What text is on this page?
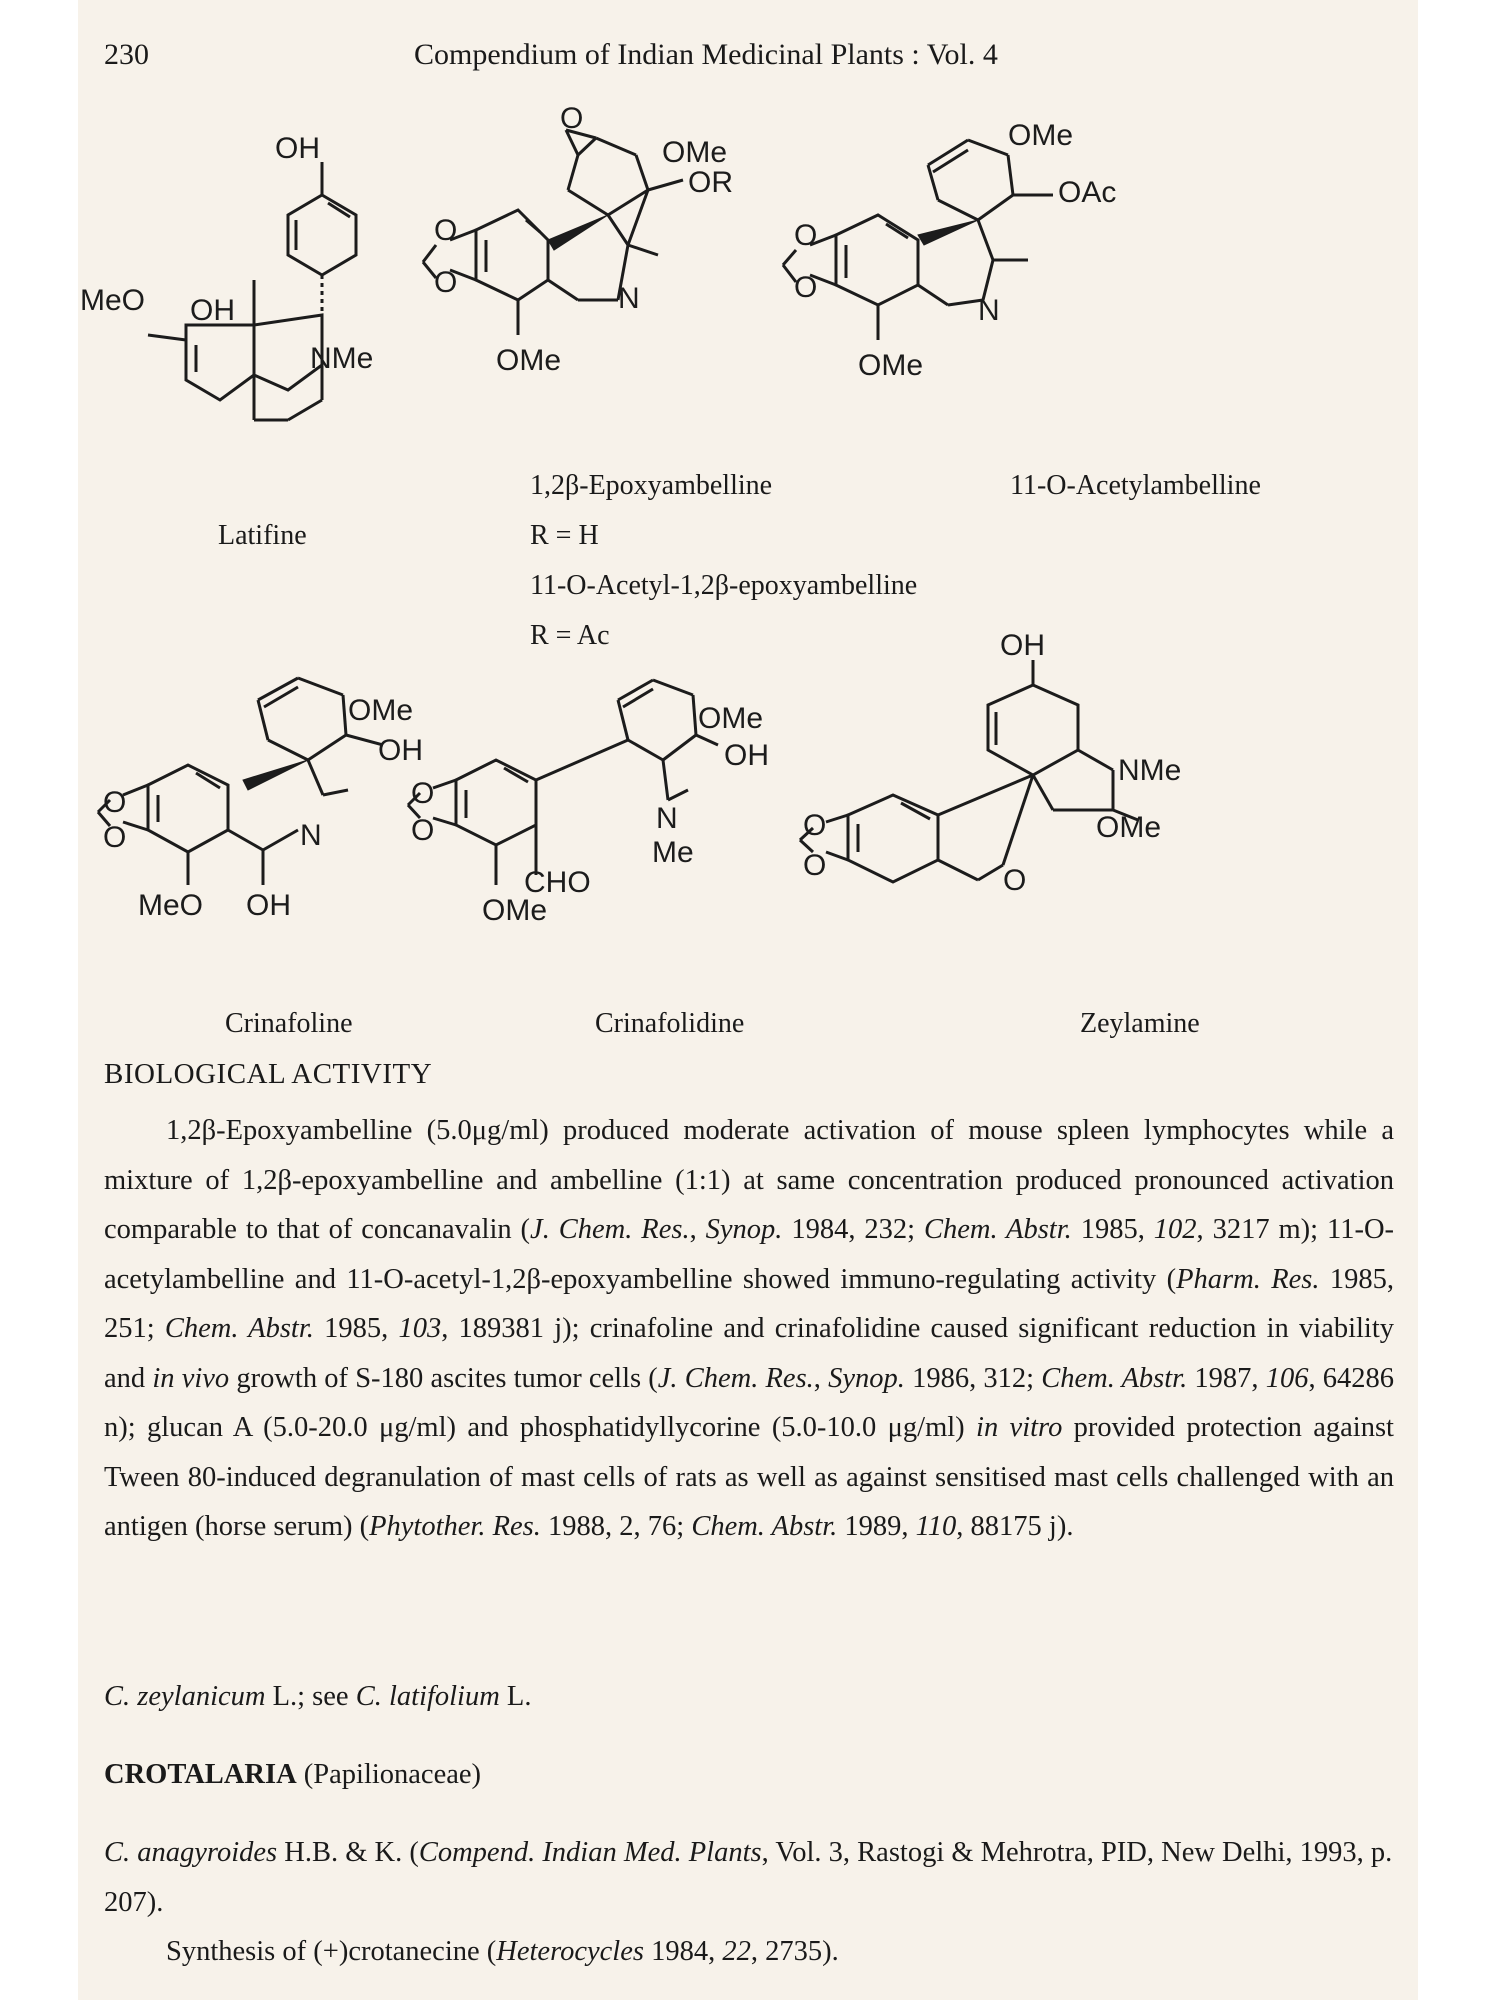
230	Compendium of Indian Medicinal Plants : Vol. 4
OH
OH
MeO
NMe
O
OMe
OR
O
O	N
OMe
OMe
OAc
O
O
N
OMe
OMe
OH
O
O	N
MeO OH
OMe
OH
O
O	N
Me
CHO
OMe
OH
NMe
OMe
O
O	O
Latifine
1,2β-Epoxyambelline
R = H
11-O-Acetyl-1,2β-epoxyambelline
R = Ac
11-O-Acetylambelline
Crinafoline	Crinafolidine	Zeylamine
BIOLOGICAL ACTIVITY

1,2β-Epoxyambelline (5.0μg/ml) produced moderate activation of mouse spleen lymphocytes while a mixture of 1,2β-epoxyambelline and ambelline (1:1) at same concentration produced pronounced activation comparable to that of concanavalin (J. Chem. Res., Synop. 1984, 232; Chem. Abstr. 1985, 102, 3217 m); 11-O-acetylambelline and 11-O-acetyl-1,2β-epoxyambelline showed immuno-regulating activity (Pharm. Res. 1985, 251; Chem. Abstr. 1985, 103, 189381 j); crinafoline and crinafolidine caused significant reduction in viability and in vivo growth of S-180 ascites tumor cells (J. Chem. Res., Synop. 1986, 312; Chem. Abstr. 1987, 106, 64286 n); glucan A (5.0-20.0 μg/ml) and phosphatidyllycorine (5.0-10.0 μg/ml) in vitro provided protection against Tween 80-induced degranulation of mast cells of rats as well as against sensitised mast cells challenged with an antigen (horse serum) (Phytother. Res. 1988, 2, 76; Chem. Abstr. 1989, 110, 88175 j).

C. zeylanicum L.; see C. latifolium L.

CROTALARIA (Papilionaceae)

C. anagyroides H.B. & K. (Compend. Indian Med. Plants, Vol. 3, Rastogi & Mehrotra, PID, New Delhi, 1993, p. 207).

Synthesis of (+)crotanecine (Heterocycles 1984, 22, 2735).
